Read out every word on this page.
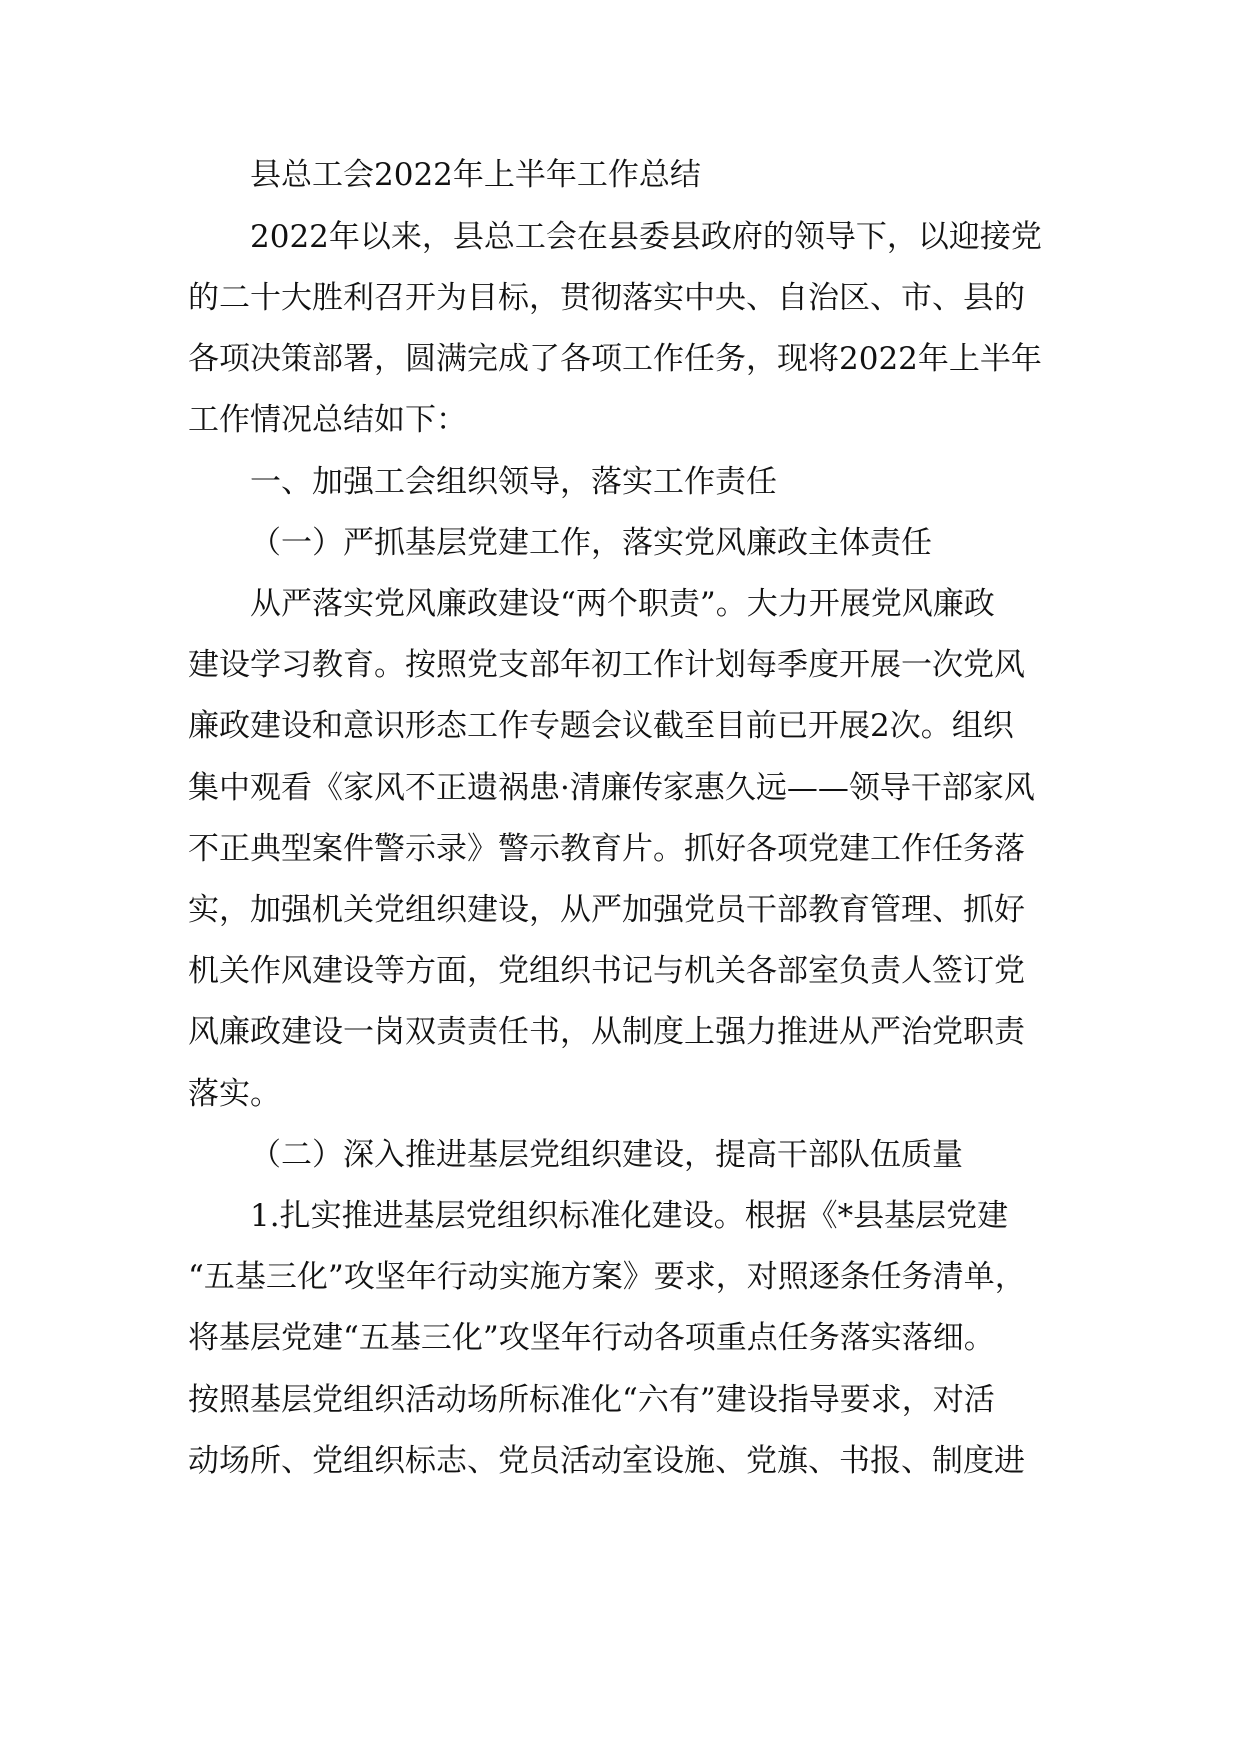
县总工会2022年上半年工作总结
2022年以来，县总工会在县委县政府的领导下，以迎接党
的二十大胜利召开为目标，贯彻落实中央、自治区、市、县的
各项决策部署，圆满完成了各项工作任务，现将2022年上半年
工作情况总结如下：
一、加强工会组织领导，落实工作责任
（一）严抓基层党建工作，落实党风廉政主体责任
从严落实党风廉政建设“两个职责”。大力开展党风廉政
建设学习教育。按照党支部年初工作计划每季度开展一次党风
廉政建设和意识形态工作专题会议截至目前已开展2次。组织
集中观看《家风不正遗祸患·清廉传家惠久远——领导干部家风
不正典型案件警示录》警示教育片。抓好各项党建工作任务落
实，加强机关党组织建设，从严加强党员干部教育管理、抓好
机关作风建设等方面，党组织书记与机关各部室负责人签订党
风廉政建设一岗双责责任书，从制度上强力推进从严治党职责
落实。
（二）深入推进基层党组织建设，提高干部队伍质量
1.扎实推进基层党组织标准化建设。根据《*县基层党建
“五基三化”攻坚年行动实施方案》要求，对照逐条任务清单，
将基层党建“五基三化”攻坚年行动各项重点任务落实落细。
按照基层党组织活动场所标准化“六有”建设指导要求，对活
动场所、党组织标志、党员活动室设施、党旗、书报、制度进
